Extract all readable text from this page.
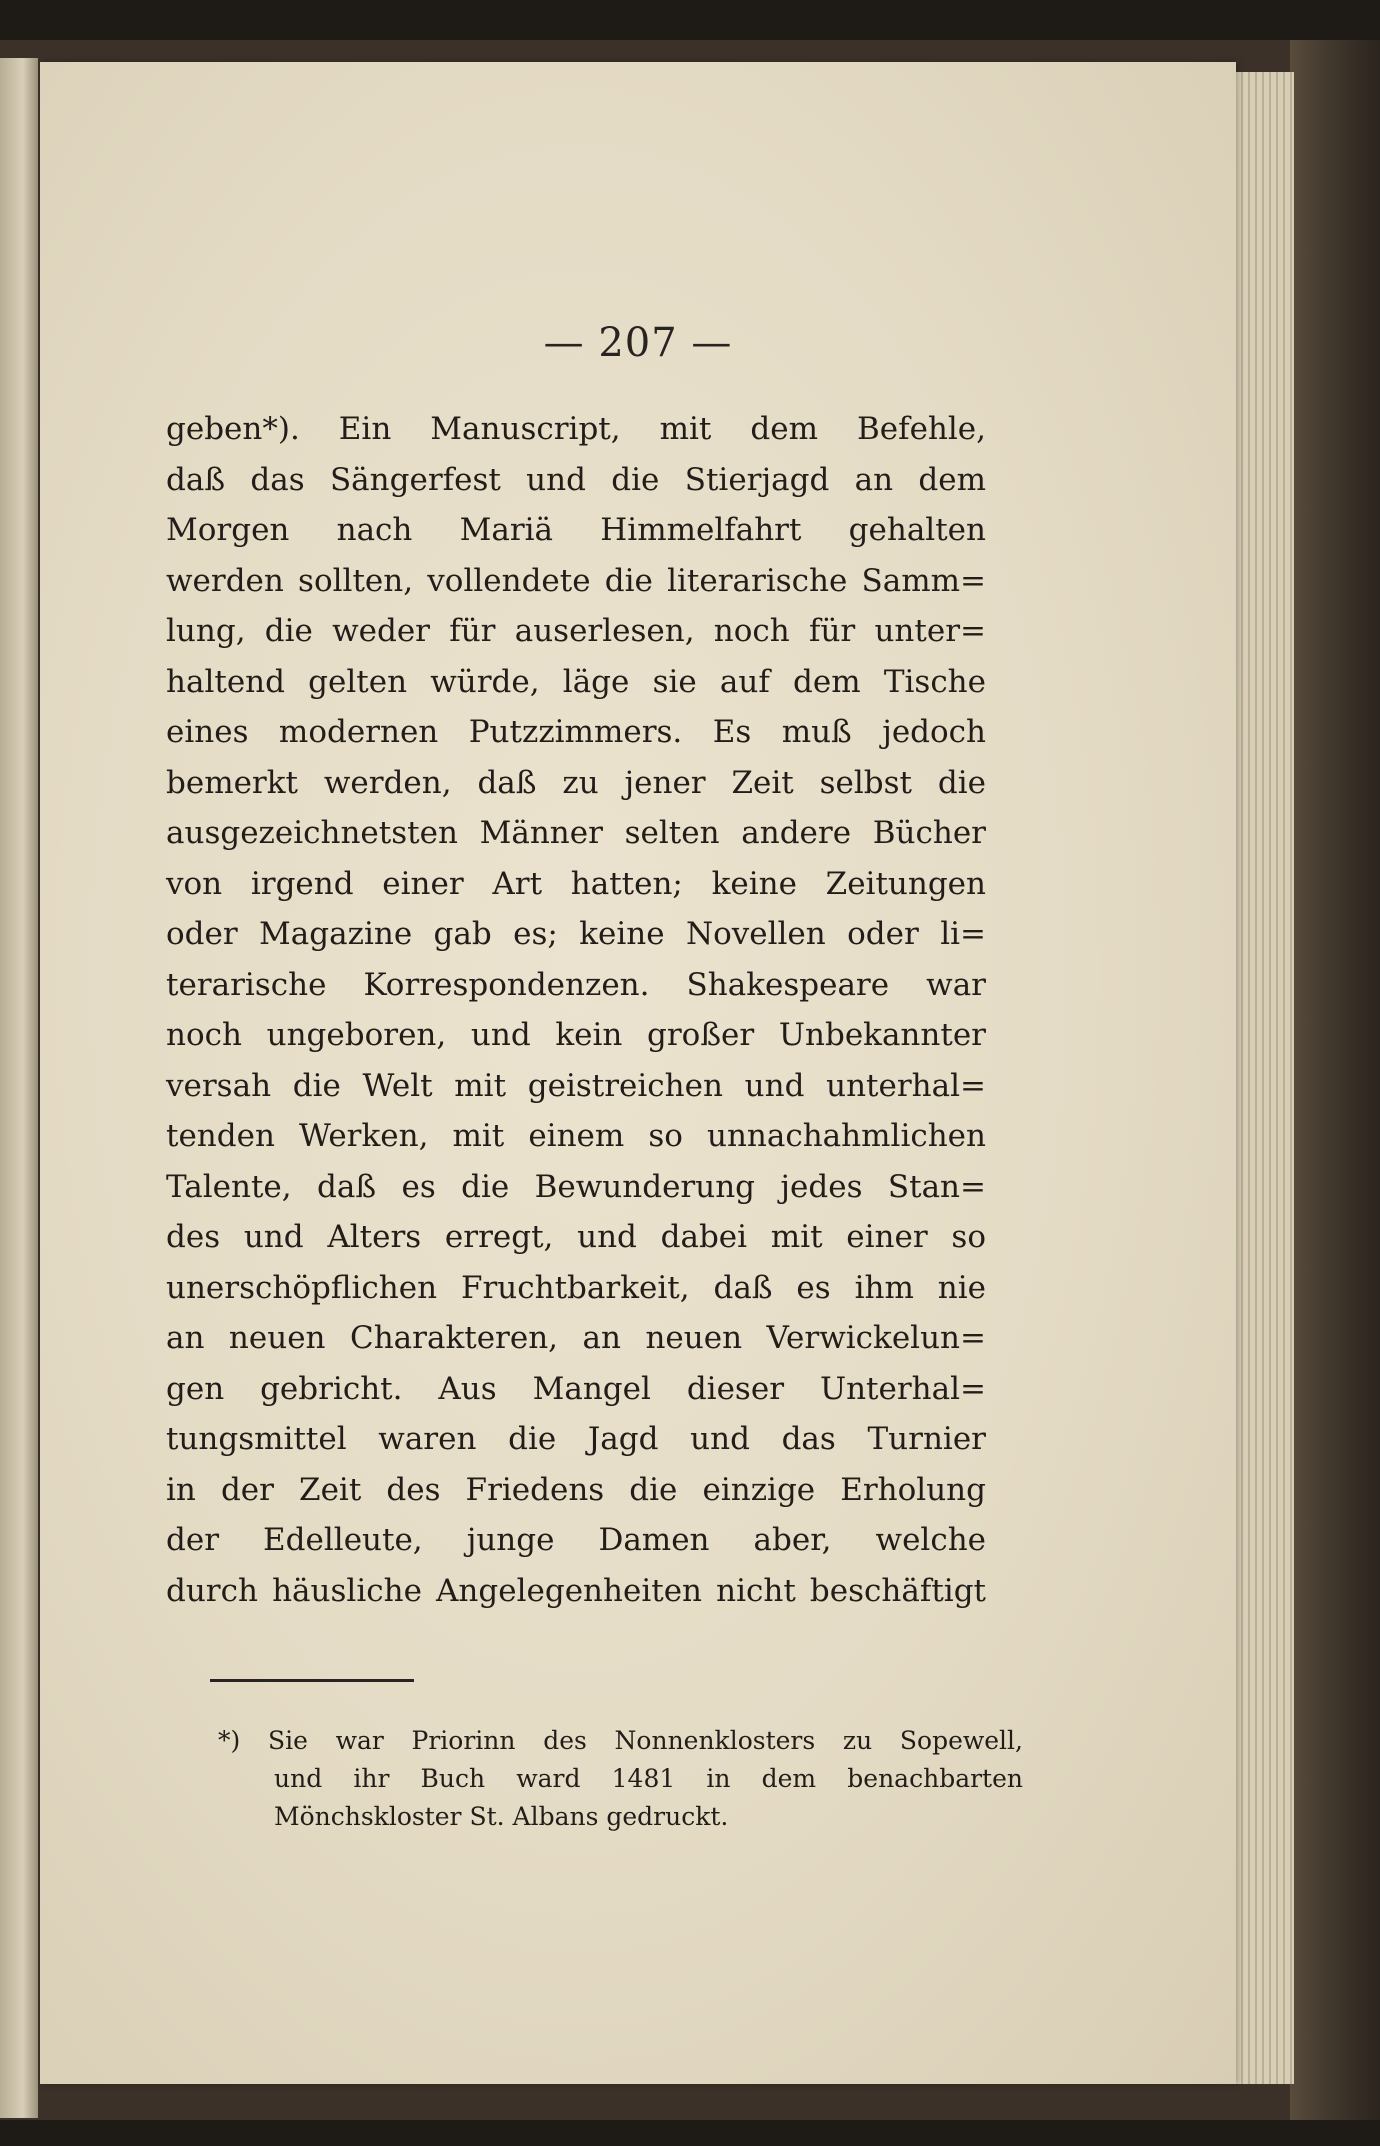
— 207 —
geben*). Ein Manuscript, mit dem Befehle,
daß das Sängerfest und die Stierjagd an dem
Morgen nach Mariä Himmelfahrt gehalten
werden sollten, vollendete die literarische Samm=
lung, die weder für auserlesen, noch für unter=
haltend gelten würde, läge sie auf dem Tische
eines modernen Putzzimmers. Es muß jedoch
bemerkt werden, daß zu jener Zeit selbst die
ausgezeichnetsten Männer selten andere Bücher
von irgend einer Art hatten; keine Zeitungen
oder Magazine gab es; keine Novellen oder li=
terarische Korrespondenzen. Shakespeare war
noch ungeboren, und kein großer Unbekannter
versah die Welt mit geistreichen und unterhal=
tenden Werken, mit einem so unnachahmlichen
Talente, daß es die Bewunderung jedes Stan=
des und Alters erregt, und dabei mit einer so
unerschöpflichen Fruchtbarkeit, daß es ihm nie
an neuen Charakteren, an neuen Verwickelun=
gen gebricht. Aus Mangel dieser Unterhal=
tungsmittel waren die Jagd und das Turnier
in der Zeit des Friedens die einzige Erholung
der Edelleute, junge Damen aber, welche
durch häusliche Angelegenheiten nicht beschäftigt
*) Sie war Priorinn des Nonnenklosters zu Sopewell,
und ihr Buch ward 1481 in dem benachbarten
Mönchskloster St. Albans gedruckt.
